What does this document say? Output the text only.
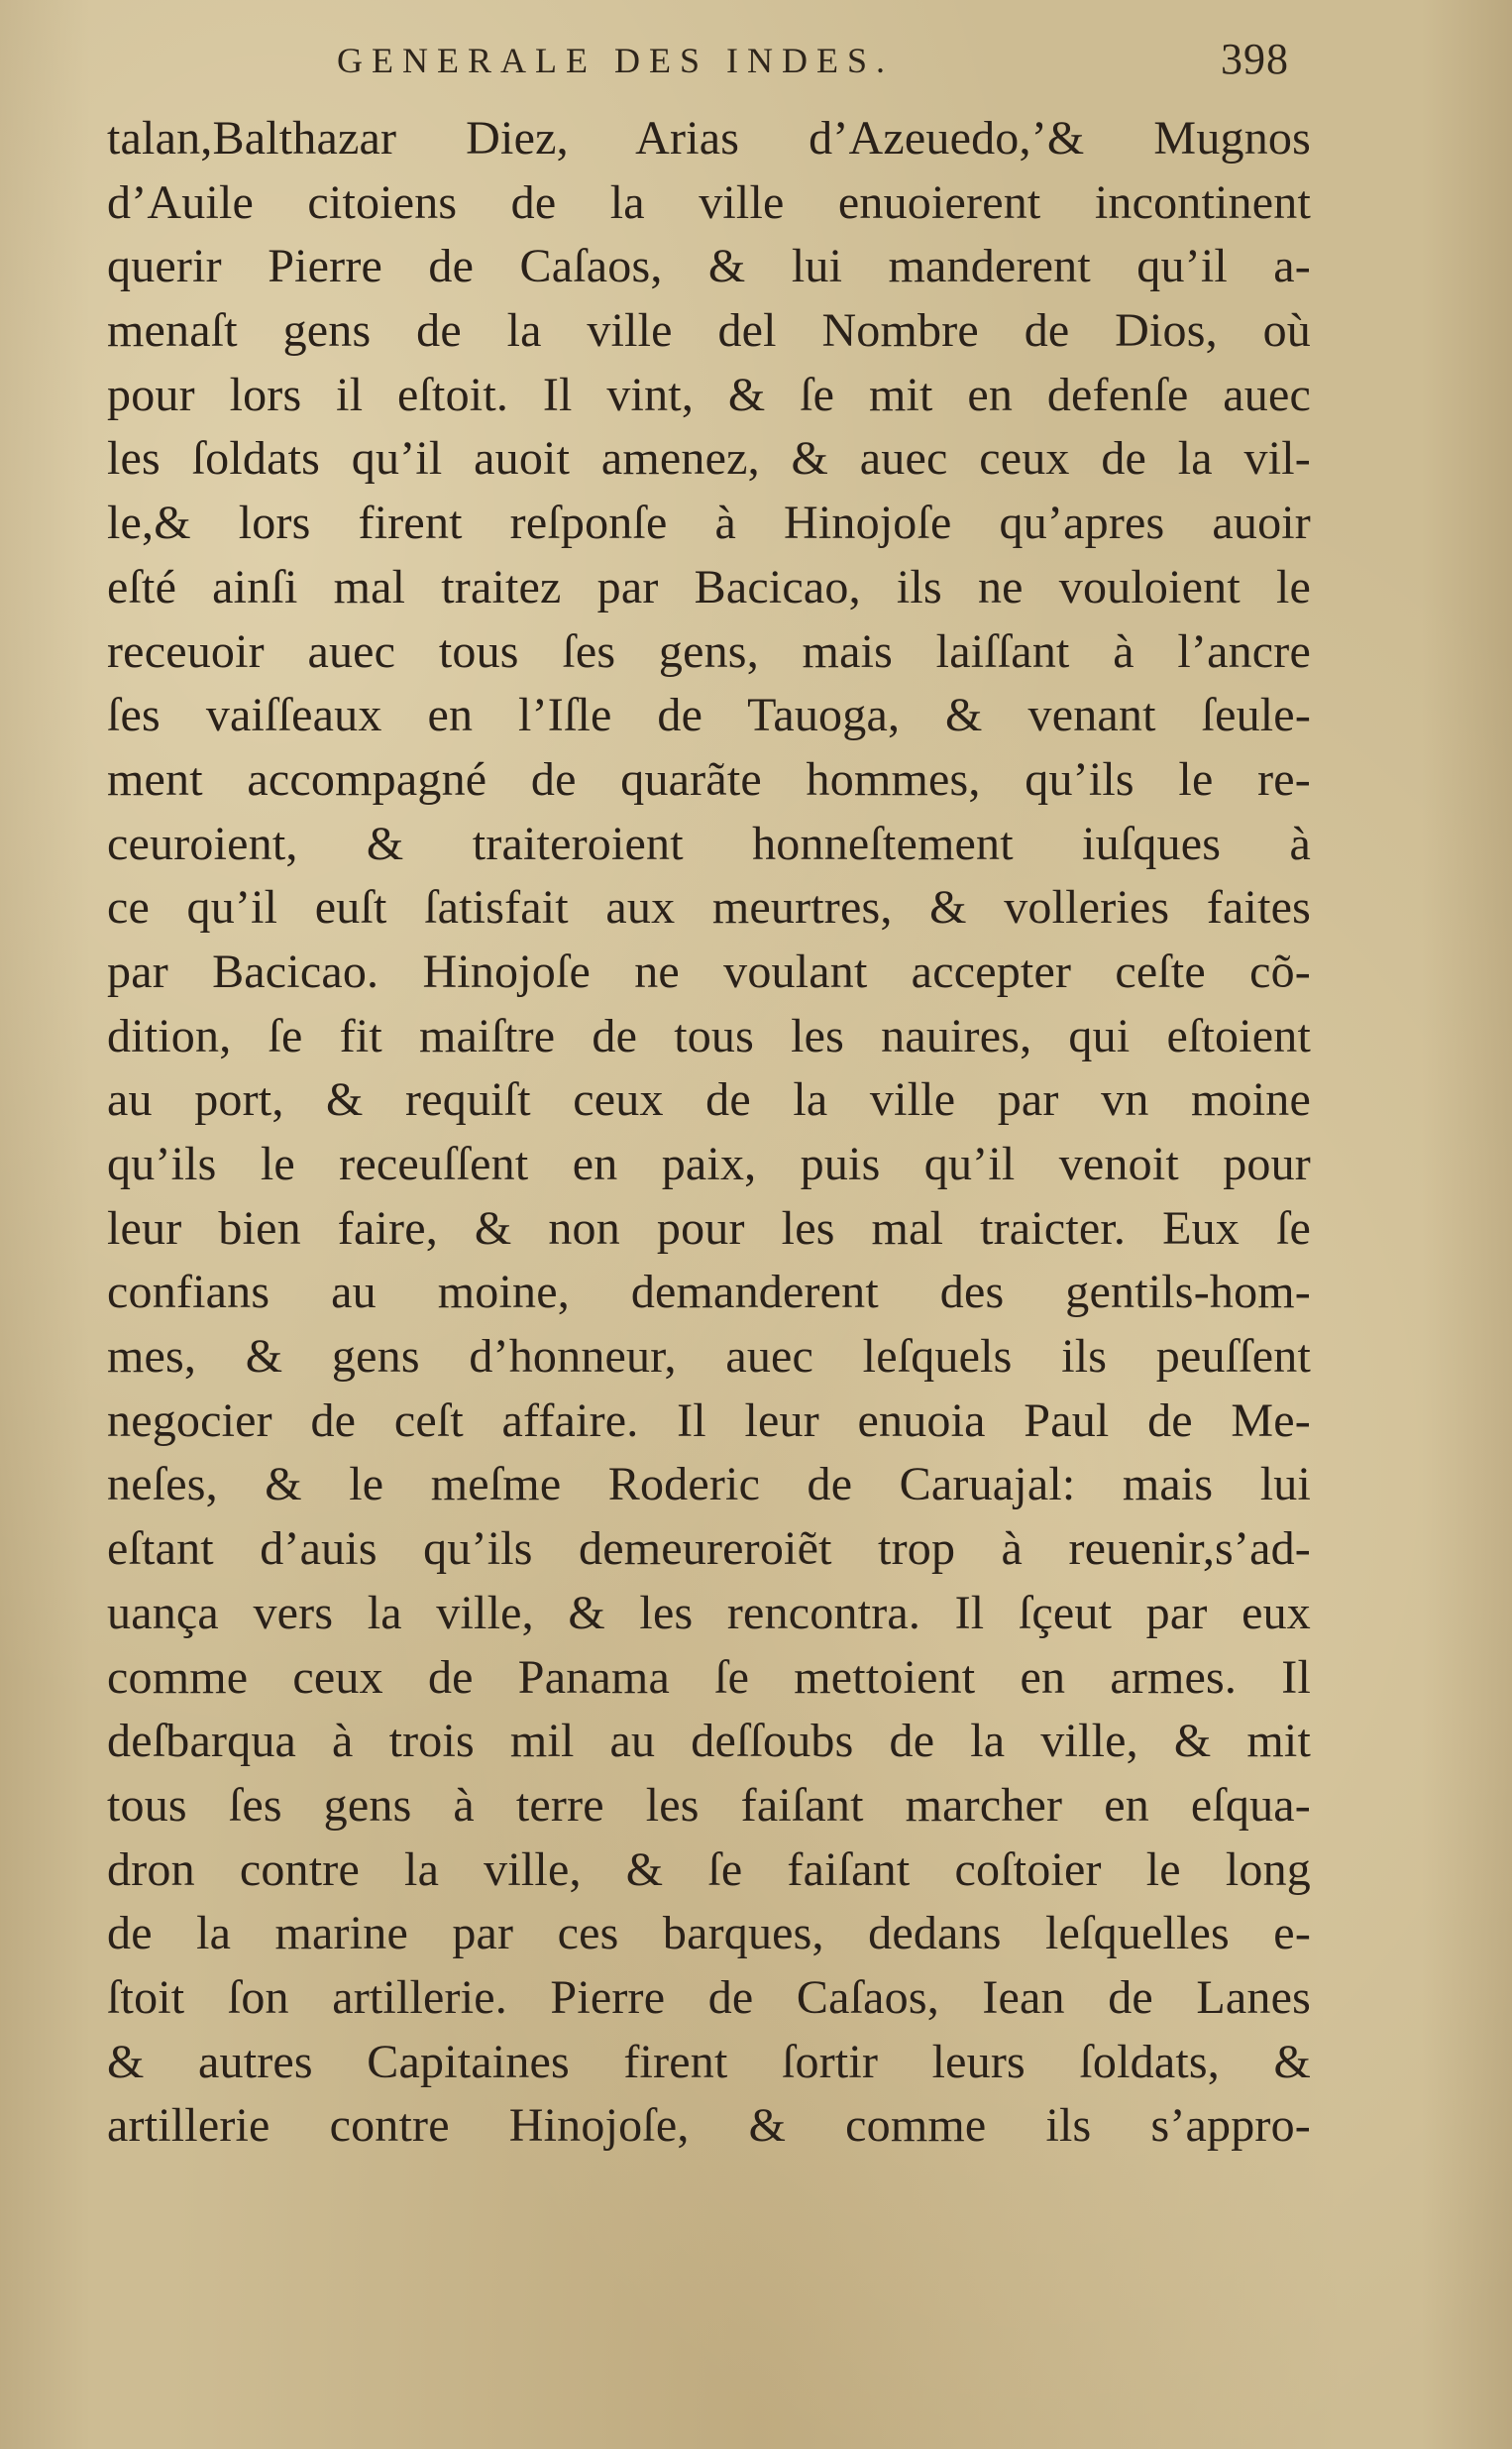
GENERALE DES INDES.	398
talan,Balthazar Diez, Arias d’Azeuedo,’& Mugnos
d’Auile citoiens de la ville enuoierent incontinent
querir Pierre de Caſaos, & lui manderent qu’il a-
menaſt gens de la ville del Nombre de Dios, où
pour lors il eſtoit. Il vint, & ſe mit en defenſe auec
les ſoldats qu’il auoit amenez, & auec ceux de la vil-
le,& lors firent reſponſe à Hinojoſe qu’apres auoir
eſté ainſi mal traitez par Bacicao, ils ne vouloient le
receuoir auec tous ſes gens, mais laiſſant à l’ancre
ſes vaiſſeaux en l’Iſle de Tauoga, & venant ſeule-
ment accompagné de quarãte hommes, qu’ils le re-
ceuroient, & traiteroient honneſtement iuſques à
ce qu’il euſt ſatisfait aux meurtres, & volleries faites
par Bacicao. Hinojoſe ne voulant accepter ceſte cõ-
dition, ſe fit maiſtre de tous les nauires, qui eſtoient
au port, & requiſt ceux de la ville par vn moine
qu’ils le receuſſent en paix, puis qu’il venoit pour
leur bien faire, & non pour les mal traicter. Eux ſe
confians au moine, demanderent des gentils-hom-
mes, & gens d’honneur, auec leſquels ils peuſſent
negocier de ceſt affaire. Il leur enuoia Paul de Me-
neſes, & le meſme Roderic de Caruajal: mais lui
eſtant d’auis qu’ils demeureroiẽt trop à reuenir,s’ad-
uança vers la ville, & les rencontra. Il ſçeut par eux
comme ceux de Panama ſe mettoient en armes. Il
deſbarqua à trois mil au deſſoubs de la ville, & mit
tous ſes gens à terre les faiſant marcher en eſqua-
dron contre la ville, & ſe faiſant coſtoier le long
de la marine par ces barques, dedans leſquelles e-
ſtoit ſon artillerie. Pierre de Caſaos, Iean de Lanes
& autres Capitaines firent ſortir leurs ſoldats, &
artillerie contre Hinojoſe, & comme ils s’appro-
